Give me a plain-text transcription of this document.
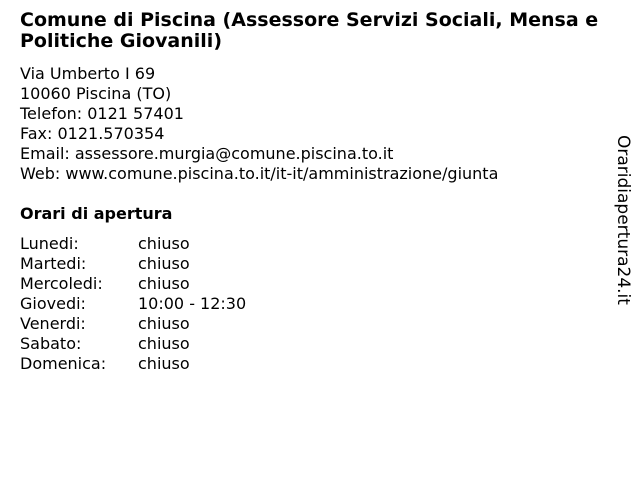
Comune di Piscina (Assessore Servizi Sociali, Mensa e Politiche Giovanili)
Via Umberto I 69
10060 Piscina (TO)
Telefon: 0121 57401
Fax: 0121.570354
Email: assessore.murgia@comune.piscina.to.it
Web: www.comune.piscina.to.it/it-it/amministrazione/giunta
Orari di apertura
Lunedi:	chiuso
Martedi:	chiuso
Mercoledi:	chiuso
Giovedi:	10:00 - 12:30
Venerdi:	chiuso
Sabato:	chiuso
Domenica:	chiuso
Oraridiapertura24.it
